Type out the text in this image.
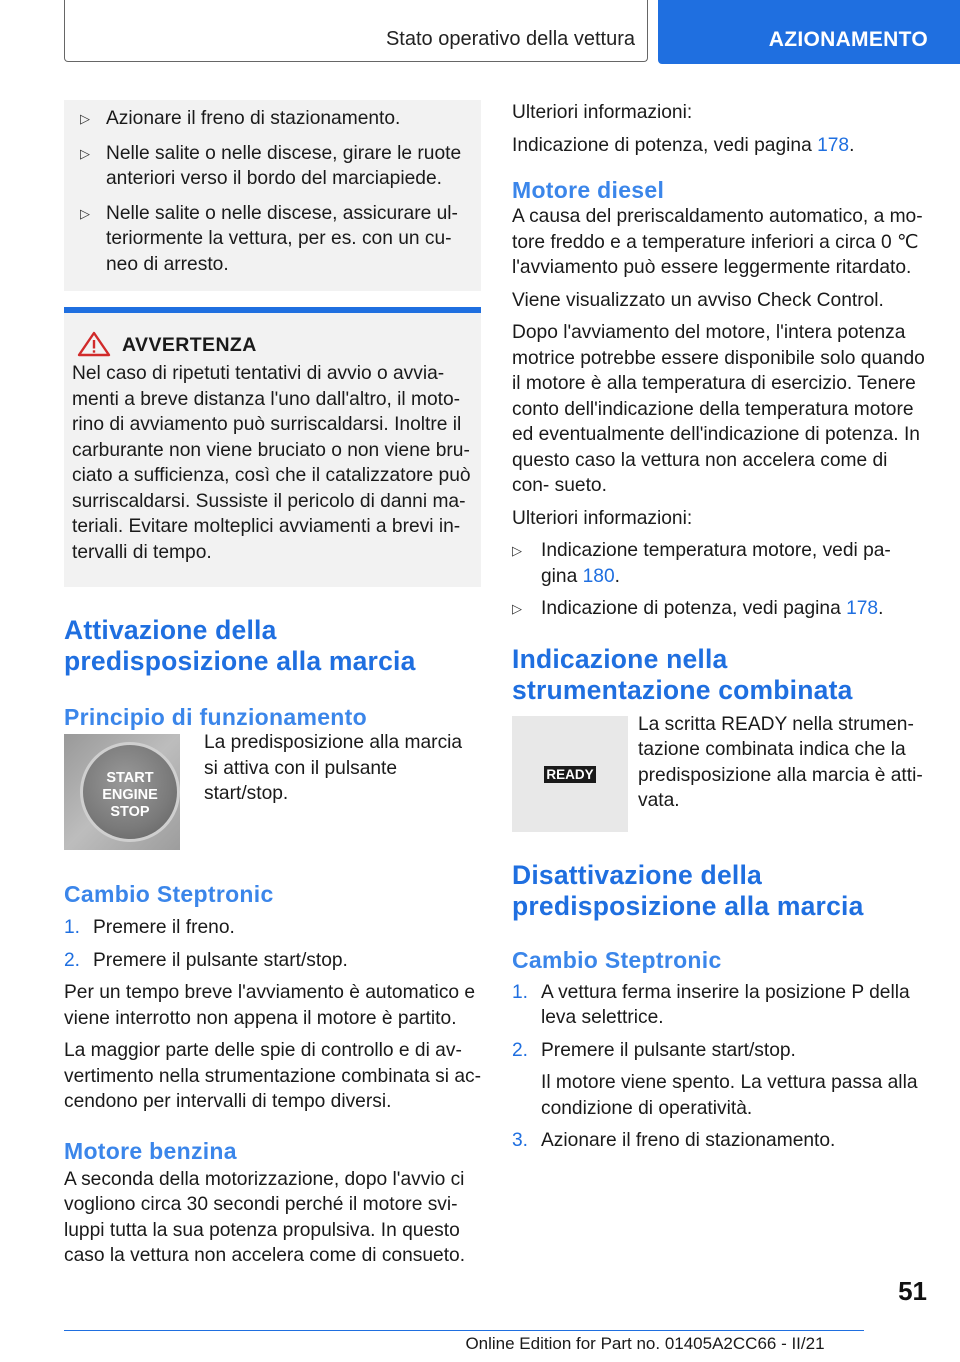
Stato operativo della vettura	AZIONAMENTO
▷ Azionare il freno di stazionamento.
▷ Nelle salite o nelle discese, girare le ruote anteriori verso il bordo del marciapiede.
▷ Nelle salite o nelle discese, assicurare ul- teriormente la vettura, per es. con un cu- neo di arresto.
AVVERTENZA

Nel caso di ripetuti tentativi di avvio o avvia- menti a breve distanza l'uno dall'altro, il moto- rino di avviamento può surriscaldarsi. Inoltre il carburante non viene bruciato o non viene bru- ciato a sufficienza, così che il catalizzatore può surriscaldarsi. Sussiste il pericolo di danni ma- teriali. Evitare molteplici avviamenti a brevi in- tervalli di tempo.

Attivazione della predisposizione alla marcia
Principio di funzionamento
START ENGINE STOP

La predisposizione alla marcia si attiva con il pulsante start/stop.

Cambio Steptronic
1. Premere il freno.
2. Premere il pulsante start/stop.

Per un tempo breve l'avviamento è automatico e viene interrotto non appena il motore è partito.

La maggior parte delle spie di controllo e di av- vertimento nella strumentazione combinata si ac- cendono per intervalli di tempo diversi.

Motore benzina

A seconda della motorizzazione, dopo l'avvio ci vogliono circa 30 secondi perché il motore svi- luppi tutta la sua potenza propulsiva. In questo caso la vettura non accelera come di consueto.

Ulteriori informazioni:

Indicazione di potenza, vedi pagina 178.

Motore diesel

A causa del preriscaldamento automatico, a mo- tore freddo e a temperature inferiori a circa 0 ℃ l'avviamento può essere leggermente ritardato.

Viene visualizzato un avviso Check Control.

Dopo l'avviamento del motore, l'intera potenza motrice potrebbe essere disponibile solo quando il motore è alla temperatura di esercizio. Tenere conto dell'indicazione della temperatura motore ed eventualmente dell'indicazione di potenza. In questo caso la vettura non accelera come di con- sueto.

Ulteriori informazioni:

▷ Indicazione temperatura motore, vedi pa- gina 180.
▷ Indicazione di potenza, vedi pagina 178.
Indicazione nella strumentazione combinata
READY

La scritta READY nella strumen- tazione combinata indica che la predisposizione alla marcia è atti- vata.

Disattivazione della predisposizione alla marcia
Cambio Steptronic
1. A vettura ferma inserire la posizione P della leva selettrice.
2. Premere il pulsante start/stop.
Il motore viene spento. La vettura passa alla condizione di operatività.
3. Azionare il freno di stazionamento.
51
Online Edition for Part no. 01405A2CC66 - II/21
